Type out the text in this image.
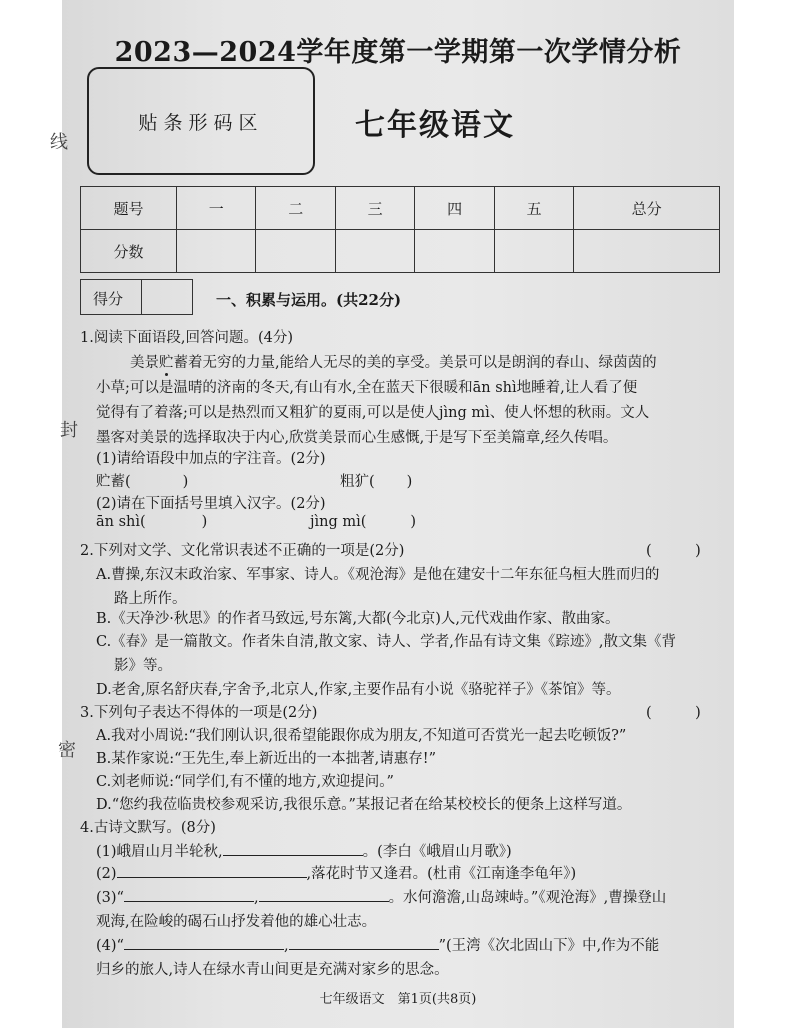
线
封
密
2023—2024学年度第一学期第一次学情分析
贴条形码区	七年级语文
题号	一	二	三	四	五	总分
分数						
得分	一、积累与运用。(共22分)
1.阅读下面语段,回答问题。(4分)
美景贮蓄着无穷的力量,能给人无尽的美的享受。美景可以是朗润的春山、绿茵茵的
小草;可以是温晴的济南的冬天,有山有水,全在蓝天下很暖和ān shì地睡着,让人看了便
觉得有了着落;可以是热烈而又粗犷的夏雨,可以是使人jìng mì、使人怀想的秋雨。文人
墨客对美景的选择取决于内心,欣赏美景而心生感慨,于是写下至美篇章,经久传唱。
(1)请给语段中加点的字注音。(2分)
贮蓄(	)	粗犷( )
(2)请在下面括号里填入汉字。(2分)
ān shì(	)	jìng mì(	)
2.下列对文学、文化常识表述不正确的一项是(2分)	(　　　)
A.曹操,东汉末政治家、军事家、诗人。《观沧海》是他在建安十二年东征乌桓大胜而归的
路上所作。
B.《天净沙·秋思》的作者马致远,号东篱,大都(今北京)人,元代戏曲作家、散曲家。
C.《春》是一篇散文。作者朱自清,散文家、诗人、学者,作品有诗文集《踪迹》,散文集《背
影》等。
D.老舍,原名舒庆春,字舍予,北京人,作家,主要作品有小说《骆驼祥子》《茶馆》等。
3.下列句子表达不得体的一项是(2分)	(　　　)
A.我对小周说:“我们刚认识,很希望能跟你成为朋友,不知道可否赏光一起去吃顿饭?”
B.某作家说:“王先生,奉上新近出的一本拙著,请惠存!”
C.刘老师说:“同学们,有不懂的地方,欢迎提问。”
D.“您约我莅临贵校参观采访,我很乐意。”某报记者在给某校校长的便条上这样写道。
4.古诗文默写。(8分)
(1)峨眉山月半轮秋,	。(李白《峨眉山月歌》)
(2)	,落花时节又逢君。(杜甫《江南逢李龟年》)
(3)“	,	。水何澹澹,山岛竦峙。”《观沧海》,曹操登山
观海,在险峻的碣石山抒发着他的雄心壮志。
(4)“	,	”(王湾《次北固山下》中,作为不能
归乡的旅人,诗人在绿水青山间更是充满对家乡的思念。
七年级语文　第1页(共8页)
